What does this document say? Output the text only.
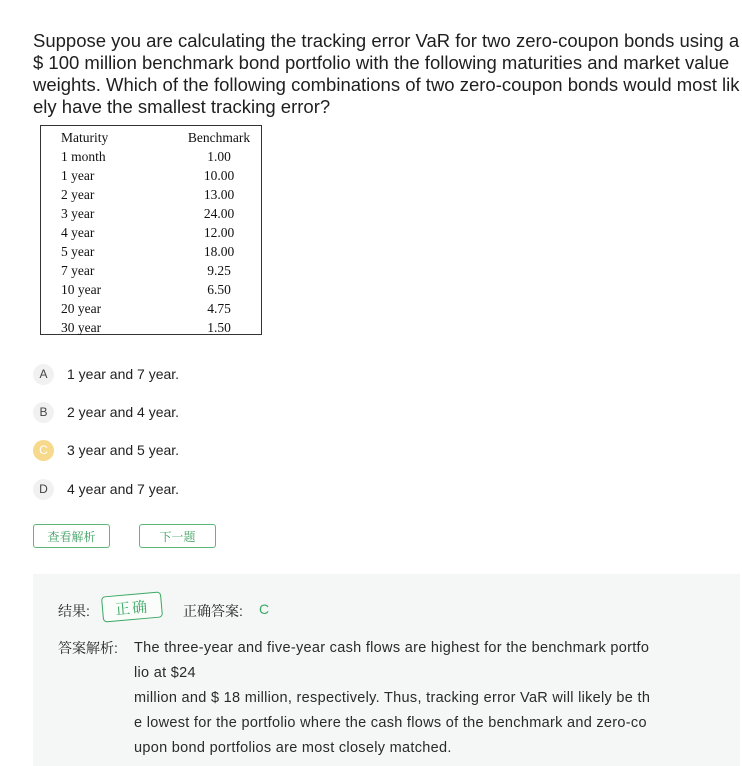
Suppose you are calculating the tracking error VaR for two zero-coupon bonds using a $ 100 million benchmark bond portfolio with the following maturities and market value weights. Which of the following combinations of two zero-coupon bonds would most likely have the smallest tracking error?

Maturity	Benchmark
1 month	1.00
1 year	10.00
2 year	13.00
3 year	24.00
4 year	12.00
5 year	18.00
7 year	9.25
10 year	6.50
20 year	4.75
30 year	1.50
A	1 year and 7 year.
B	2 year and 4 year.
C	3 year and 5 year.
D	4 year and 7 year.
查看解析	下一题
结果:	正确	正确答案: C
答案解析: The three-year and five-year cash flows are highest for the benchmark portfo
lio at $24
million and $ 18 million, respectively. Thus, tracking error VaR will likely be th
e lowest for the portfolio where the cash flows of the benchmark and zero-co
upon bond portfolios are most closely matched.
